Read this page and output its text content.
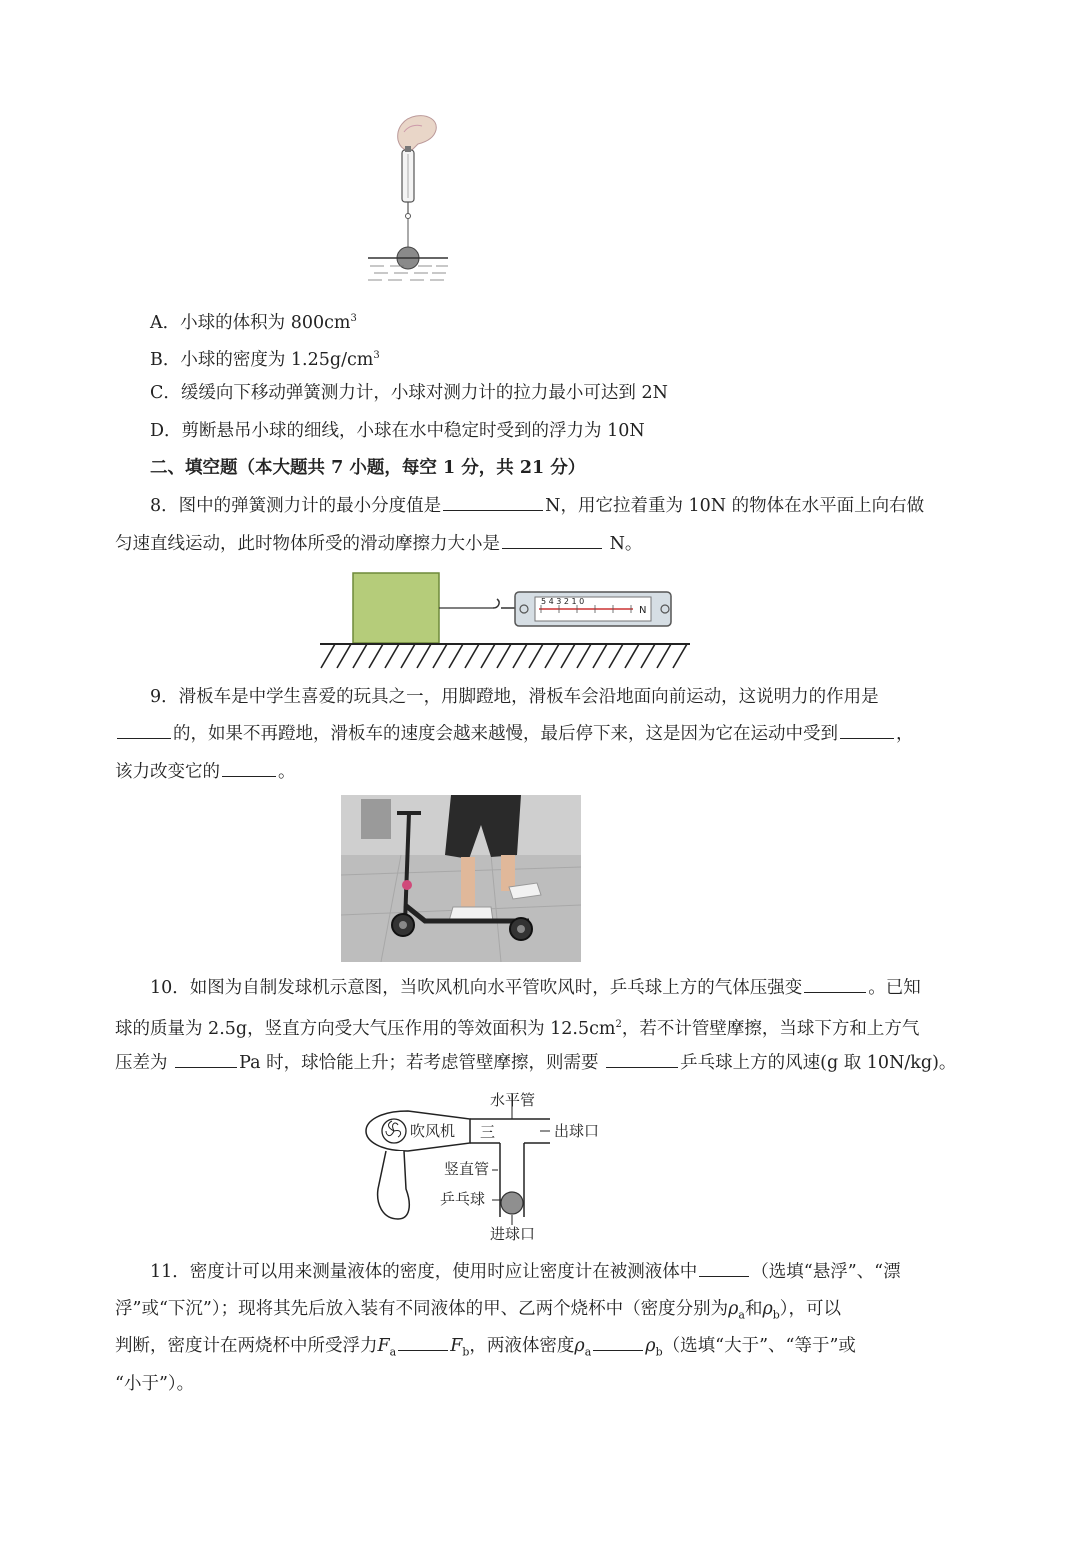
A．小球的体积为 $800cm^3$
B．小球的密度为 $1.25g/cm^3$
C．缓缓向下移动弹簧测力计，小球对测力计的拉力最小可达到 2N
D．剪断悬吊小球的细线，小球在水中稳定时受到的浮力为 10N
二、填空题（本大题共 7 小题，每空 1 分，共 21 分）
8．图中的弹簧测力计的最小分度值是	N，用它拉着重为 10N 的物体在水平面上向右做
匀速直线运动，此时物体所受的滑动摩擦力大小是	N。
5 4 3 2 1 0
N
9．滑板车是中学生喜爱的玩具之一，用脚蹬地，滑板车会沿地面向前运动，这说明力的作用是
的，如果不再蹬地，滑板车的速度会越来越慢，最后停下来，这是因为它在运动中受到	，
该力改变它的	。
10．如图为自制发球机示意图，当吹风机向水平管吹风时，乒乓球上方的气体压强变	。已知
球的质量为 2.5g，竖直方向受大气压作用的等效面积为 $12.5cm^2$，若不计管壁摩擦，当球下方和上方气
压差为	Pa 时，球恰能上升；若考虑管壁摩擦，则需要	乒乓球上方的风速(g 取 10N/kg)。
水平管
吹风机 三	出球口
竖直管
乒乓球
进球口
11．密度计可以用来测量液体的密度，使用时应让密度计在被测液体中	（选填“悬浮”、“漂
浮”或“下沉”）；现将其先后放入装有不同液体的甲、乙两个烧杯中（密度分别为$\rho_a$和$\rho_b$），可以
判断，密度计在两烧杯中所受浮力$F_a$	$F_b$，两液体密度$\rho_a$	$\rho_b$（选填“大于”、“等于”或
“小于”）。
